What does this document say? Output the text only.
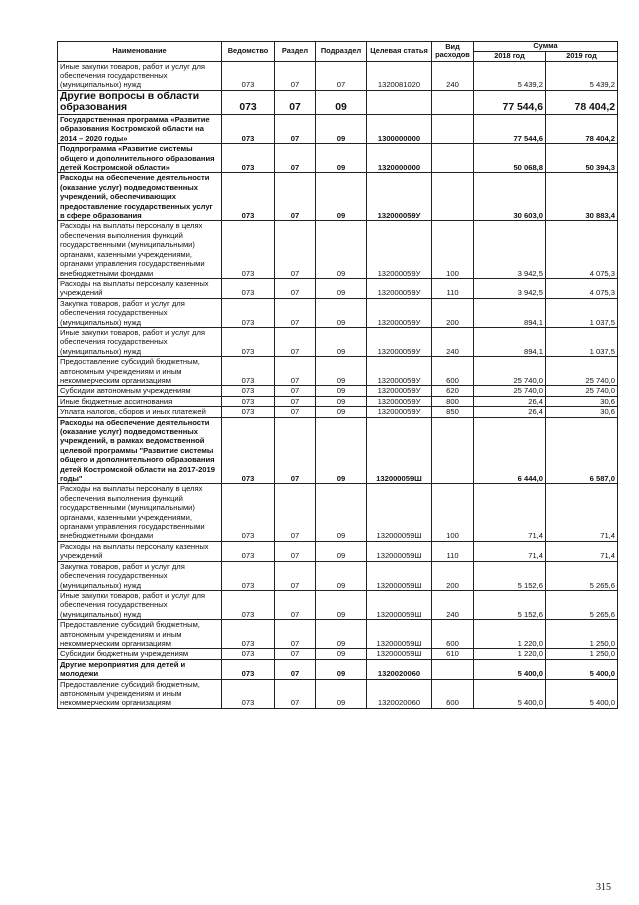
Наименование	Ведомство	Раздел	Подраздел	Целевая статья	Вид расходов	Сумма	
						2018 год	2019 год
Иные закупки товаров, работ и услуг для обеспечения государственных (муниципальных) нужд	073	07	07	1320081020	240	5 439,2	5 439,2
Другие вопросы в области образования	073	07	09			77 544,6	78 404,2
Государственная программа «Развитие образования Костромской области на 2014 – 2020 годы»	073	07	09	1300000000		77 544,6	78 404,2
Подпрограмма «Развитие системы общего и дополнительного образования детей Костромской области»	073	07	09	1320000000		50 068,8	50 394,3
Расходы на обеспечение деятельности (оказание услуг) подведомственных учреждений, обеспечивающих предоставление государственных услуг в сфере образования	073	07	09	132000059У		30 603,0	30 883,4
Расходы на выплаты персоналу в целях обеспечения выполнения функций государственными (муниципальными) органами, казенными учреждениями, органами управления государственными внебюджетными фондами	073	07	09	132000059У	100	3 942,5	4 075,3
Расходы на выплаты персоналу казенных учреждений	073	07	09	132000059У	110	3 942,5	4 075,3
Закупка товаров, работ и услуг для обеспечения государственных (муниципальных) нужд	073	07	09	132000059У	200	894,1	1 037,5
Иные закупки товаров, работ и услуг для обеспечения государственных (муниципальных) нужд	073	07	09	132000059У	240	894,1	1 037,5
Предоставление субсидий бюджетным, автономным учреждениям и иным некоммерческим организациям	073	07	09	132000059У	600	25 740,0	25 740,0
Субсидии автономным учреждениям	073	07	09	132000059У	620	25 740,0	25 740,0
Иные бюджетные ассигнования	073	07	09	132000059У	800	26,4	30,6
Уплата налогов, сборов и иных платежей	073	07	09	132000059У	850	26,4	30,6
Расходы на обеспечение деятельности (оказание услуг) подведомственных учреждений, в рамках ведомственной целевой программы "Развитие системы общего и дополнительного образования детей Костромской области на 2017-2019 годы"	073	07	09	132000059Ш		6 444,0	6 587,0
Расходы на выплаты персоналу в целях обеспечения выполнения функций государственными (муниципальными) органами, казенными учреждениями, органами управления государственными внебюджетными фондами	073	07	09	132000059Ш	100	71,4	71,4
Расходы на выплаты персоналу казенных учреждений	073	07	09	132000059Ш	110	71,4	71,4
Закупка товаров, работ и услуг для обеспечения государственных (муниципальных) нужд	073	07	09	132000059Ш	200	5 152,6	5 265,6
Иные закупки товаров, работ и услуг для обеспечения государственных (муниципальных) нужд	073	07	09	132000059Ш	240	5 152,6	5 265,6
Предоставление субсидий бюджетным, автономным учреждениям и иным некоммерческим организациям	073	07	09	132000059Ш	600	1 220,0	1 250,0
Субсидии бюджетным учреждениям	073	07	09	132000059Ш	610	1 220,0	1 250,0
Другие мероприятия для детей и молодежи	073	07	09	1320020060		5 400,0	5 400,0
Предоставление субсидий бюджетным, автономным учреждениям и иным некоммерческим организациям	073	07	09	1320020060	600	5 400,0	5 400,0
315
